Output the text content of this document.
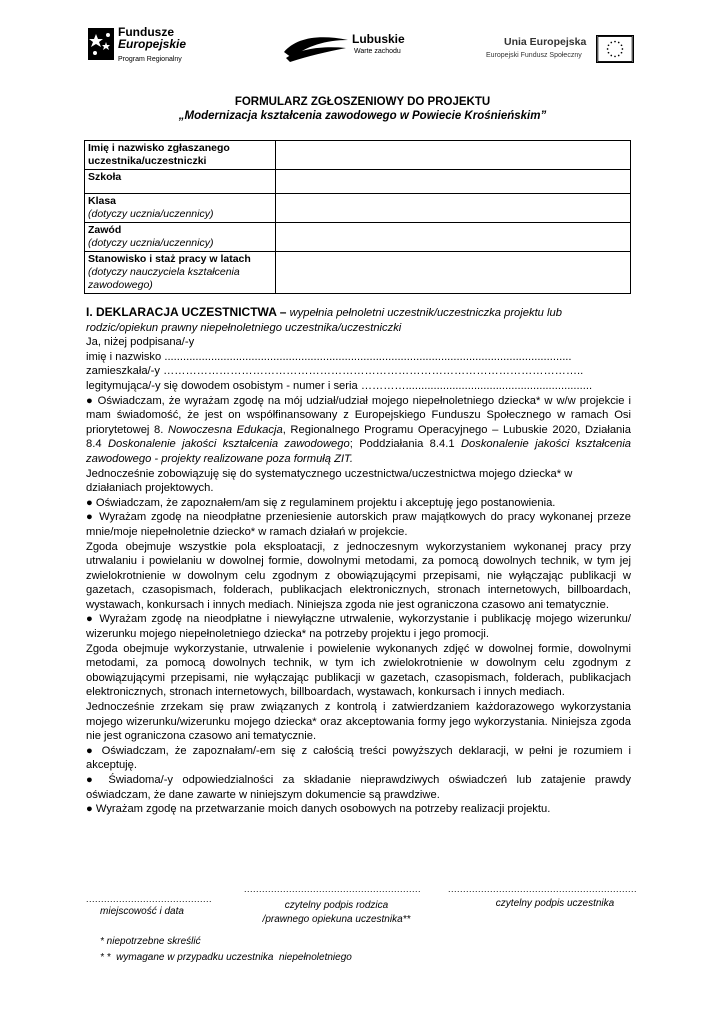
Fundusze
Europejskie
Program Regionalny
Lubuskie
Warte zachodu
Unia Europejska
Europejski Fundusz Społeczny
FORMULARZ ZGŁOSZENIOWY DO PROJEKTU
„Modernizacja kształcenia zawodowego w Powiecie Krośnieńskim”
Imię i nazwisko zgłaszanego uczestnika/uczestniczki	
Szkoła	

Klasa
(dotyczy ucznia/uczennicy)	

Zawód
(dotyczy ucznia/uczennicy)	

Stanowisko i staż pracy w latach
(dotyczy nauczyciela kształcenia zawodowego)	

I. DEKLARACJA UCZESTNICTWA – wypełnia pełnoletni uczestnik/uczestniczka projektu lub rodzic/opiekun prawny niepełnoletniego uczestnika/uczestniczki

Ja, niżej podpisana/-y

imię i nazwisko ...................................................................................................................................

zamieszkała/-y …………………………………………………………………………………………………..

legitymująca/-y się dowodem osobistym - numer i seria …………............................................................

● Oświadczam, że wyrażam zgodę na mój udział/udział mojego niepełnoletniego dziecka* w w/w projekcie i mam świadomość, że jest on współfinansowany z Europejskiego Funduszu Społecznego w ramach Osi priorytetowej 8. Nowoczesna Edukacja, Regionalnego Programu Operacyjnego – Lubuskie 2020, Działania 8.4 Doskonalenie jakości kształcenia zawodowego; Poddziałania 8.4.1 Doskonalenie jakości kształcenia zawodowego - projekty realizowane poza formułą ZIT.

Jednocześnie zobowiązuję się do systematycznego uczestnictwa/uczestnictwa mojego dziecka* w działaniach projektowych.

● Oświadczam, że zapoznałem/am się z regulaminem projektu i akceptuję jego postanowienia.

● Wyrażam zgodę na nieodpłatne przeniesienie autorskich praw majątkowych do pracy wykonanej przeze mnie/moje niepełnoletnie dziecko* w ramach działań w projekcie.

Zgoda obejmuje wszystkie pola eksploatacji, z jednoczesnym wykorzystaniem wykonanej pracy przy utrwalaniu i powielaniu w dowolnej formie, dowolnymi metodami, za pomocą dowolnych technik, w tym jej zwielokrotnienie w dowolnym celu zgodnym z obowiązującymi przepisami, nie wyłączając publikacji w gazetach, czasopismach, folderach, publikacjach elektronicznych, stronach internetowych, billboardach, wystawach, konkursach i innych mediach. Niniejsza zgoda nie jest ograniczona czasowo ani tematycznie.

● Wyrażam zgodę na nieodpłatne i niewyłączne utrwalenie, wykorzystanie i publikację mojego wizerunku/ wizerunku mojego niepełnoletniego dziecka* na potrzeby projektu i jego promocji.

Zgoda obejmuje wykorzystanie, utrwalenie i powielenie wykonanych zdjęć w dowolnej formie, dowolnymi metodami, za pomocą dowolnych technik, w tym ich zwielokrotnienie w dowolnym celu zgodnym z obowiązującymi przepisami, nie wyłączając publikacji w gazetach, czasopismach, folderach, publikacjach elektronicznych, stronach internetowych, billboardach, wystawach, konkursach i innych mediach.

Jednocześnie zrzekam się praw związanych z kontrolą i zatwierdzaniem każdorazowego wykorzystania mojego wizerunku/wizerunku mojego dziecka* oraz akceptowania formy jego wykorzystania. Niniejsza zgoda nie jest ograniczona czasowo ani tematycznie.

● Oświadczam, że zapoznałam/-em się z całością treści powyższych deklaracji, w pełni je rozumiem i akceptuję.

● Świadoma/-y odpowiedzialności za składanie nieprawdziwych oświadczeń lub zatajenie prawdy oświadczam, że dane zawarte w niniejszym dokumencie są prawdziwe.

● Wyrażam zgodę na przetwarzanie moich danych osobowych na potrzeby realizacji projektu.

..........................................
...........................................................	...............................................................
miejscowość i data
czytelny podpis rodzica
/prawnego opiekuna uczestnika**
czytelny podpis uczestnika
* niepotrzebne skreślić
* *  wymagane w przypadku uczestnika  niepełnoletniego
